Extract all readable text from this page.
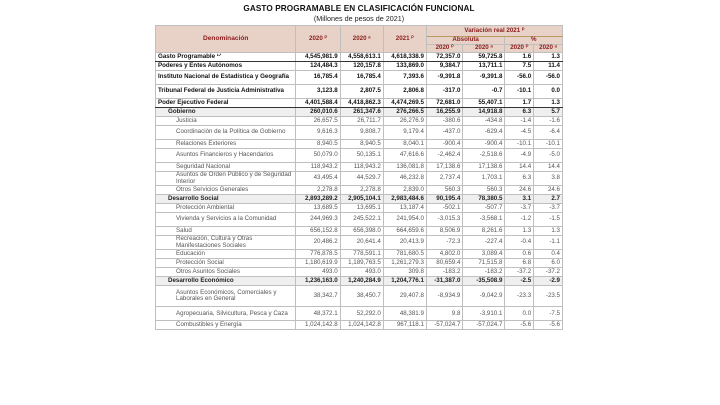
GASTO PROGRAMABLE EN CLASIFICACIÓN FUNCIONAL
(Millones de pesos de 2021)
Denominación	2020 ᴾ	2020 ᵃ	2021 ᴾ	Variación real 2021 ᴾ			
				Absoluta		%	
				2020 ᴾ	2020 ᵃ	2020 ᴾ	2020 ᵃ
Gasto Programable ¹ᐟ	4,545,981.9	4,558,613.1	4,618,338.9	72,357.0	59,725.8	1.6	1.3
Poderes y Entes Autónomos	124,484.3	120,157.8	133,869.0	9,384.7	13,711.1	7.5	11.4
Instituto Nacional de Estadística y Geografía	16,785.4	16,785.4	7,393.6	-9,391.8	-9,391.8	-56.0	-56.0
Tribunal Federal de Justicia Administrativa	3,123.8	2,807.5	2,806.8	-317.0	-0.7	-10.1	0.0
Poder Ejecutivo Federal	4,401,588.4	4,418,862.3	4,474,269.5	72,681.0	55,407.1	1.7	1.3
Gobierno	260,010.6	261,347.6	276,266.5	16,255.9	14,918.8	6.3	5.7
Justicia	26,657.5	26,711.7	26,276.9	-380.6	-434.8	-1.4	-1.6
Coordinación de la Política de Gobierno	9,616.3	9,808.7	9,179.4	-437.0	-629.4	-4.5	-6.4
Relaciones Exteriores	8,940.5	8,940.5	8,040.1	-900.4	-900.4	-10.1	-10.1
Asuntos Financieros y Hacendarios	50,079.0	50,135.1	47,616.6	-2,462.4	-2,518.6	-4.9	-5.0
Seguridad Nacional	118,943.2	118,943.2	136,081.8	17,138.6	17,138.6	14.4	14.4
Asuntos de Orden Público y de Seguridad Interior	43,495.4	44,529.7	46,232.8	2,737.4	1,703.1	6.3	3.8
Otros Servicios Generales	2,278.8	2,278.8	2,839.0	560.3	560.3	24.6	24.6
Desarrollo Social	2,893,289.2	2,905,104.1	2,983,484.6	90,195.4	78,380.5	3.1	2.7
Protección Ambiental	13,689.5	13,695.1	13,187.4	-502.1	-507.7	-3.7	-3.7
Vivienda y Servicios a la Comunidad	244,969.3	245,522.1	241,954.0	-3,015.3	-3,568.1	-1.2	-1.5
Salud	656,152.8	656,398.0	664,659.6	8,506.9	8,261.6	1.3	1.3
Recreación, Cultura y Otras Manifestaciones Sociales	20,486.2	20,641.4	20,413.9	-72.3	-227.4	-0.4	-1.1
Educación	776,878.5	778,591.1	781,680.5	4,802.0	3,089.4	0.6	0.4
Protección Social	1,180,619.9	1,189,763.5	1,261,279.3	80,659.4	71,515.8	6.8	6.0
Otros Asuntos Sociales	493.0	493.0	309.8	-183.2	-183.2	-37.2	-37.2
Desarrollo Económico	1,236,163.0	1,240,284.9	1,204,776.1	-31,387.0	-35,508.9	-2.5	-2.9
Asuntos Económicos, Comerciales y Laborales en General	38,342.7	38,450.7	29,407.8	-8,934.9	-9,042.9	-23.3	-23.5
Agropecuaria, Silvicultura, Pesca y Caza	48,372.1	52,292.0	48,381.9	9.8	-3,910.1	0.0	-7.5
Combustibles y Energía	1,024,142.8	1,024,142.8	967,118.1	-57,024.7	-57,024.7	-5.6	-5.6
